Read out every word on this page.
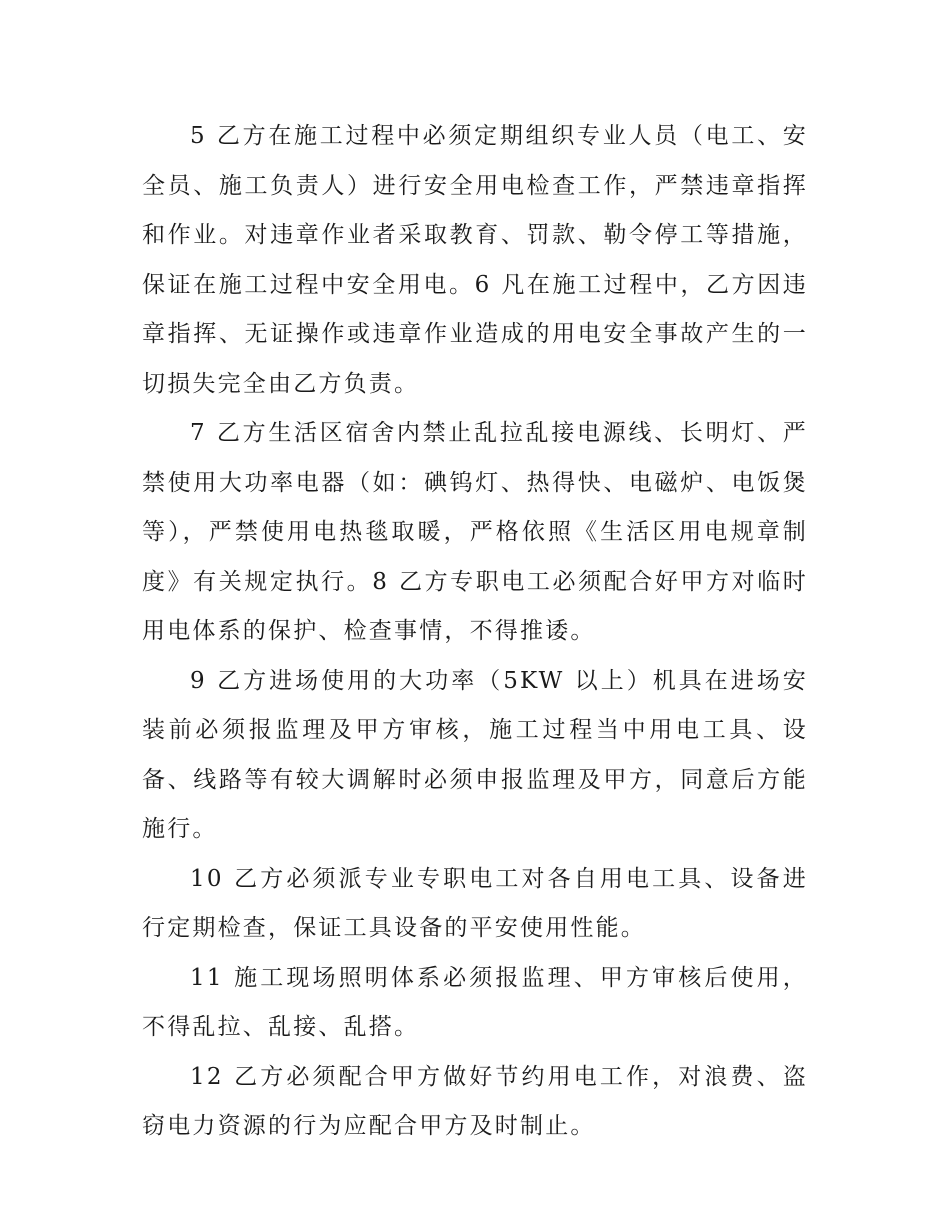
5 乙方在施工过程中必须定期组织专业人员（电工、安全员、施工负责人）进行安全用电检查工作，严禁违章指挥和作业。对违章作业者采取教育、罚款、勒令停工等措施，保证在施工过程中安全用电。6 凡在施工过程中，乙方因违章指挥、无证操作或违章作业造成的用电安全事故产生的一切损失完全由乙方负责。

7 乙方生活区宿舍内禁止乱拉乱接电源线、长明灯、严禁使用大功率电器（如：碘钨灯、热得快、电磁炉、电饭煲等），严禁使用电热毯取暖，严格依照《生活区用电规章制度》有关规定执行。8 乙方专职电工必须配合好甲方对临时用电体系的保护、检查事情，不得推诿。

9 乙方进场使用的大功率（5KW 以上）机具在进场安装前必须报监理及甲方审核，施工过程当中用电工具、设备、线路等有较大调解时必须申报监理及甲方，同意后方能施行。

10 乙方必须派专业专职电工对各自用电工具、设备进行定期检查，保证工具设备的平安使用性能。

11 施工现场照明体系必须报监理、甲方审核后使用，不得乱拉、乱接、乱搭。

12 乙方必须配合甲方做好节约用电工作，对浪费、盗窃电力资源的行为应配合甲方及时制止。
